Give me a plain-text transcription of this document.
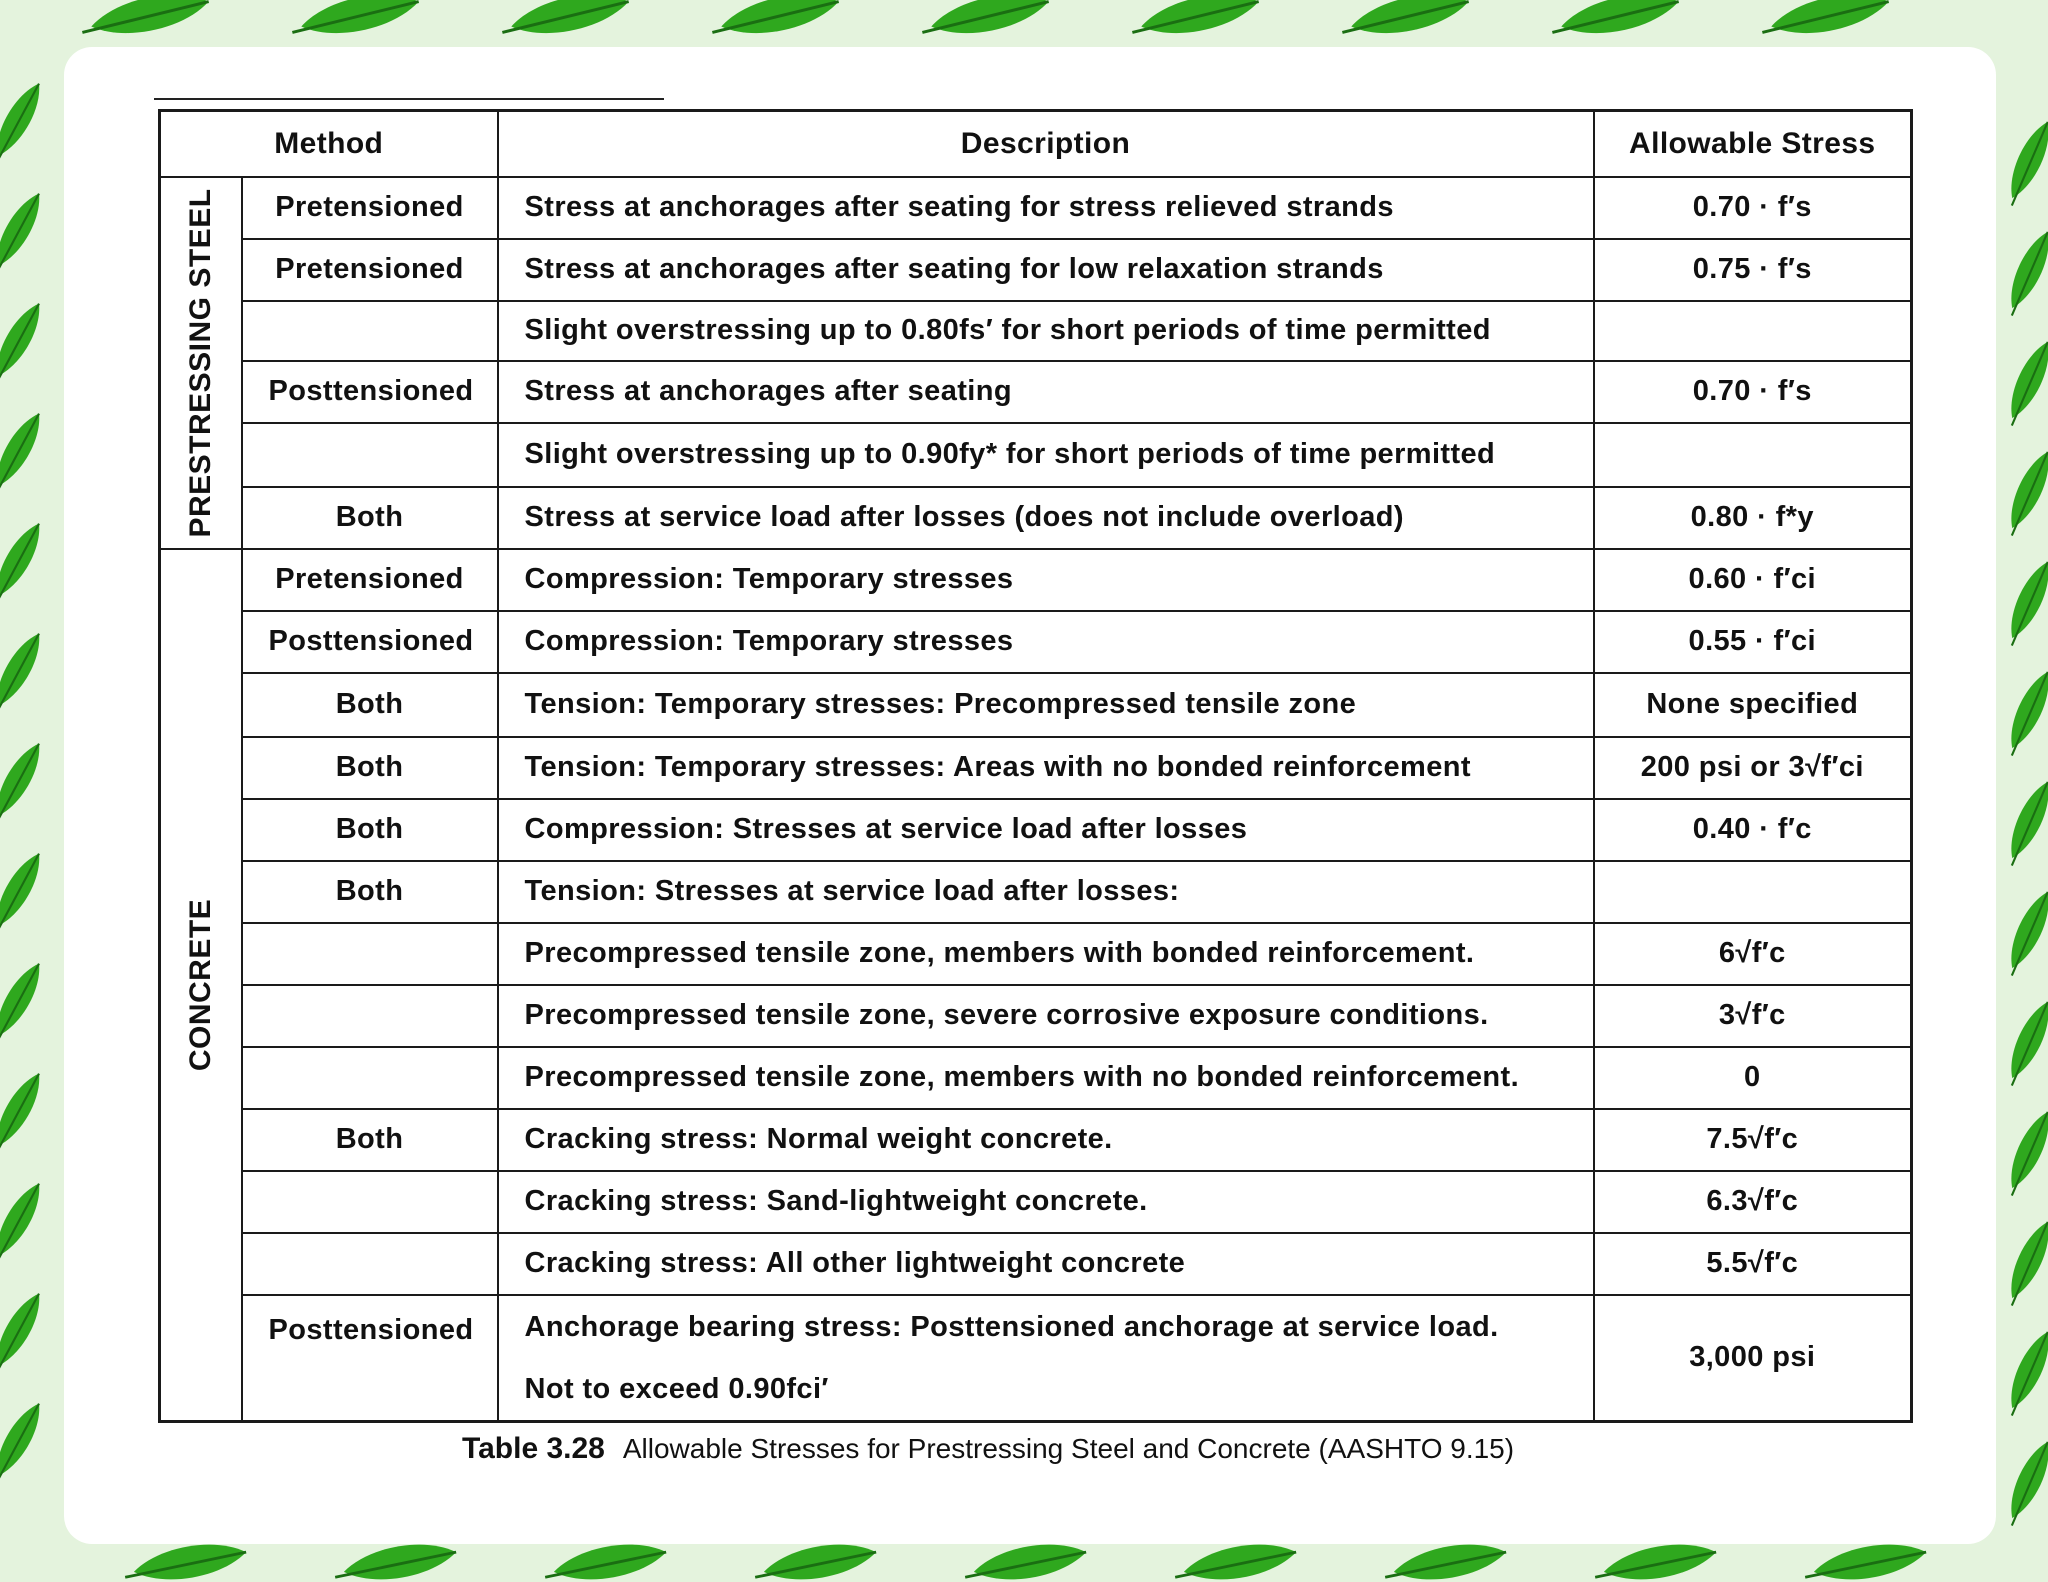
Method		Description	Allowable Stress

PRESTRESSING STEEL	Pretensioned	Stress at anchorages after seating for stress relieved strands	0.70 · f′s
	Pretensioned	Stress at anchorages after seating for low relaxation strands	0.75 · f′s
		Slight overstressing up to 0.80fs′ for short periods of time permitted	
	Posttensioned	Stress at anchorages after seating	0.70 · f′s
		Slight overstressing up to 0.90fy* for short periods of time permitted	
	Both	Stress at service load after losses (does not include overload)	0.80 · f*y

CONCRETE	Pretensioned	Compression: Temporary stresses	0.60 · f′ci
	Posttensioned	Compression: Temporary stresses	0.55 · f′ci
	Both	Tension: Temporary stresses: Precompressed tensile zone	None specified
	Both	Tension: Temporary stresses: Areas with no bonded reinforcement	200 psi or 3√f′ci
	Both	Compression: Stresses at service load after losses	0.40 · f′c
	Both	Tension: Stresses at service load after losses:	
		Precompressed tensile zone, members with bonded reinforcement.	6√f′c
		Precompressed tensile zone, severe corrosive exposure conditions.	3√f′c
		Precompressed tensile zone, members with no bonded reinforcement.	0
	Both	Cracking stress: Normal weight concrete.	7.5√f′c
		Cracking stress: Sand-lightweight concrete.	6.3√f′c
		Cracking stress: All other lightweight concrete	5.5√f′c
	Posttensioned	Anchorage bearing stress: Posttensioned anchorage at service load.
Not to exceed 0.90fci′	3,000 psi
Table 3.28 Allowable Stresses for Prestressing Steel and Concrete (AASHTO 9.15)
